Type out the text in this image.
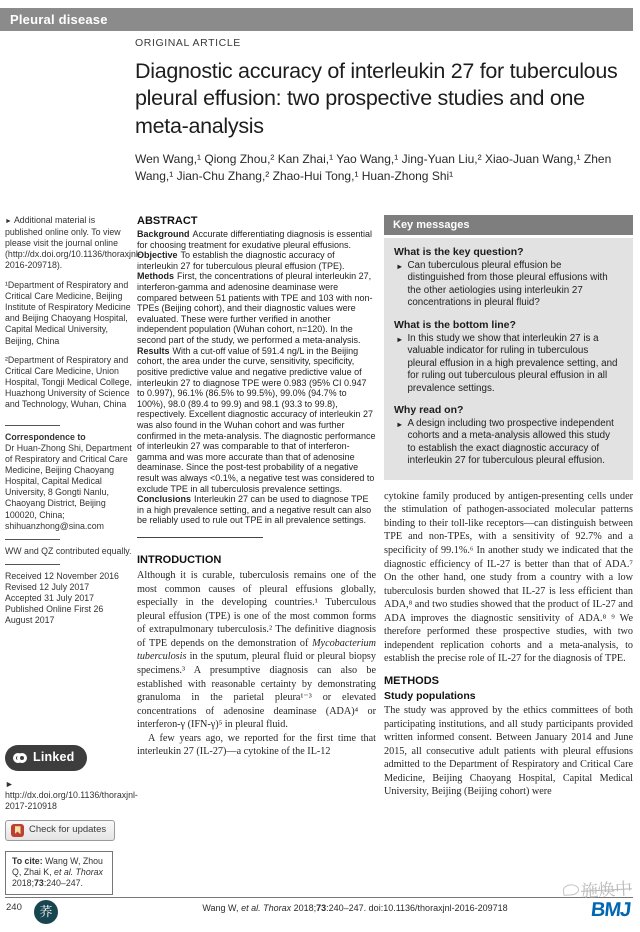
Pleural disease
ORIGINAL ARTICLE
Diagnostic accuracy of interleukin 27 for tuberculous pleural effusion: two prospective studies and one meta-analysis
Wen Wang,¹ Qiong Zhou,² Kan Zhai,¹ Yao Wang,¹ Jing-Yuan Liu,² Xiao-Juan Wang,¹ Zhen Wang,¹ Jian-Chu Zhang,² Zhao-Hui Tong,¹ Huan-Zhong Shi¹
► Additional material is published online only. To view please visit the journal online (http://dx.doi.org/10.1136/thoraxjnl-2016-209718).
¹Department of Respiratory and Critical Care Medicine, Beijing Institute of Respiratory Medicine and Beijing Chaoyang Hospital, Capital Medical University, Beijing, China
²Department of Respiratory and Critical Care Medicine, Union Hospital, Tongji Medical College, Huazhong University of Science and Technology, Wuhan, China
Correspondence to
Dr Huan-Zhong Shi, Department of Respiratory and Critical Care Medicine, Beijing Chaoyang Hospital, Capital Medical University, 8 Gongti Nanlu, Chaoyang District, Beijing 100020, China; shihuanzhong@sina.com
WW and QZ contributed equally.
Received 12 November 2016
Revised 12 July 2017
Accepted 31 July 2017
Published Online First 26 August 2017
Linked
► http://dx.doi.org/10.1136/thoraxjnl-2017-210918
Check for updates
To cite: Wang W, Zhou Q, Zhai K, et al. Thorax 2018;73:240–247.
ABSTRACT

Background Accurate differentiating diagnosis is essential for choosing treatment for exudative pleural effusions.

Objective To establish the diagnostic accuracy of interleukin 27 for tuberculous pleural effusion (TPE).

Methods First, the concentrations of pleural interleukin 27, interferon-gamma and adenosine deaminase were compared between 51 patients with TPE and 103 with non-TPEs (Beijing cohort), and their diagnostic values were evaluated. These were further verified in another independent population (Wuhan cohort, n=120). In the second part of the study, we performed a meta-analysis.

Results With a cut-off value of 591.4 ng/L in the Beijing cohort, the area under the curve, sensitivity, specificity, positive predictive value and negative predictive value of interleukin 27 to diagnose TPE were 0.983 (95% CI 0.947 to 0.997), 96.1% (86.5% to 99.5%), 99.0% (94.7% to 100%), 98.0 (89.4 to 99.9) and 98.1 (93.3 to 99.8), respectively. Excellent diagnostic accuracy of interleukin 27 was also found in the Wuhan cohort and was further confirmed in the meta-analysis. The diagnostic performance of interleukin 27 was comparable to that of interferon-gamma and was more accurate than that of adenosine deaminase. Since the post-test probability of a negative result was always <0.1%, a negative test was considered to exclude TPE in all tuberculosis prevalence settings.

Conclusions Interleukin 27 can be used to diagnose TPE in a high prevalence setting, and a negative result can also be reliably used to rule out TPE in all prevalence settings.

INTRODUCTION

Although it is curable, tuberculosis remains one of the most common causes of pleural effusions globally, especially in the developing countries.¹ Tuberculous pleural effusion (TPE) is one of the most common forms of extrapulmonary tuberculosis.² The definitive diagnosis of TPE depends on the demonstration of Mycobacterium tuberculosis in the sputum, pleural fluid or pleural biopsy specimens.³ A presumptive diagnosis can also be established with reasonable certainty by demonstrating granuloma in the parietal pleura¹⁻³ or elevated concentrations of adenosine deaminase (ADA)⁴ or interferon-γ (IFN-γ)⁵ in pleural fluid.

A few years ago, we reported for the first time that interleukin 27 (IL-27)—a cytokine of the IL-12

Key messages
What is the key question?
► Can tuberculous pleural effusion be distinguished from those pleural effusions with the other aetiologies using interleukin 27 concentrations in pleural fluid?
What is the bottom line?
► In this study we show that interleukin 27 is a valuable indicator for ruling in tuberculous pleural effusion in a high prevalence setting, and for ruling out tuberculous pleural effusion in all prevalence settings.
Why read on?
► A design including two prospective independent cohorts and a meta-analysis allowed this study to establish the exact diagnostic accuracy of interleukin 27 for tuberculous pleural effusion.

cytokine family produced by antigen-presenting cells under the stimulation of pathogen-associated molecular patterns binding to their toll-like receptors—can distinguish between TPE and non-TPEs, with a sensitivity of 92.7% and a specificity of 99.1%.⁶ In another study we indicated that the diagnostic efficiency of IL-27 is better than that of ADA.⁷ On the other hand, one study from a country with a low tuberculosis burden showed that IL-27 is less efficient than ADA,⁸ and two studies showed that the product of IL-27 and ADA improves the diagnostic sensitivity of ADA.⁸ ⁹ We therefore performed these prospective studies, with two independent replication cohorts and a meta-analysis, to establish the precise role of IL-27 for the diagnosis of TPE.

METHODS
Study populations

The study was approved by the ethics committees of both participating institutions, and all study participants provided written informed consent. Between January 2014 and June 2015, all consecutive adult patients with pleural effusions admitted to the Department of Respiratory and Critical Care Medicine, Beijing Chaoyang Hospital, Capital Medical University, Beijing (Beijing cohort) were

240	荞	Wang W, et al. Thorax 2018;73:240–247. doi:10.1136/thoraxjnl-2016-209718
施焕中
BMJ
